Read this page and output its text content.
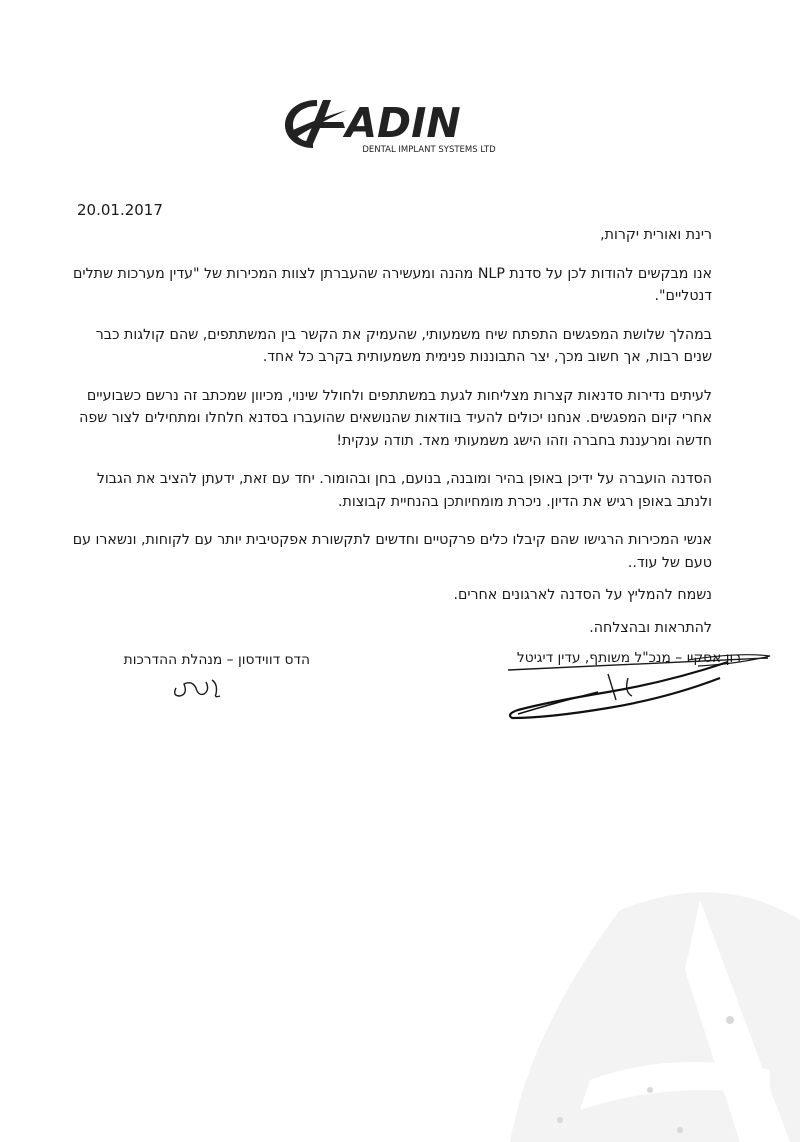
ADIN
DENTAL IMPLANT SYSTEMS LTD
20.01.2017

רינת ואורית יקרות,

אנו מבקשים להודות לכן על סדנת NLP מהנה ומעשירה שהעברתן לצוות המכירות של "עדין מערכות שתלים דנטליים".

במהלך שלושת המפגשים התפתח שיח משמעותי, שהעמיק את הקשר בין המשתתפים, שהם קולגות כבר שנים רבות, אך חשוב מכך, יצר התבוננות פנימית משמעותית בקרב כל אחד.

לעיתים נדירות סדנאות קצרות מצליחות לגעת במשתתפים ולחולל שינוי, מכיוון שמכתב זה נרשם כשבועיים אחרי קיום המפגשים. אנחנו יכולים להעיד בוודאות שהנושאים שהועברו בסדנא חלחלו ומתחילים לצור שפה חדשה ומרעננת בחברה וזהו הישג משמעותי מאד. תודה ענקית!

הסדנה הועברה על ידיכן באופן בהיר ומובנה, בנועם, בחן ובהומור. יחד עם זאת, ידעתן להציב את הגבול ולנתב באופן רגיש את הדיון. ניכרת מומחיותכן בהנחיית קבוצות.

אנשי המכירות הרגישו שהם קיבלו כלים פרקטיים וחדשים לתקשורת אפקטיבית יותר עם לקוחות, ונשארו עם טעם של עוד..

נשמח להמליץ על הסדנה לארגונים אחרים.

להתראות ובהצלחה.

רון אסקיו – מנכ"ל משותף, עדין דיגיטל
הדס דווידסון – מנהלת ההדרכות
